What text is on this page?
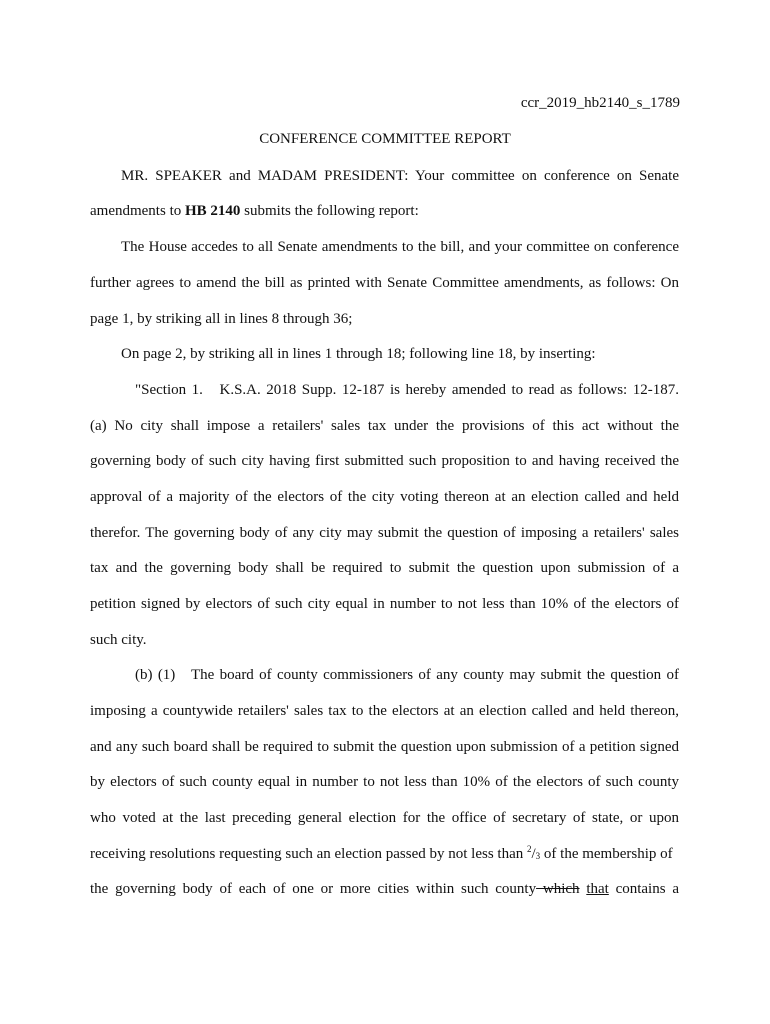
ccr_2019_hb2140_s_1789
CONFERENCE COMMITTEE REPORT
MR. SPEAKER and MADAM PRESIDENT: Your committee on conference on Senate
amendments to HB 2140 submits the following report:
The House accedes to all Senate amendments to the bill, and your committee on conference
further agrees to amend the bill as printed with Senate Committee amendments, as follows: On
page 1, by striking all in lines 8 through 36;
On page 2, by striking all in lines 1 through 18; following line 18, by inserting:
"Section 1.   K.S.A. 2018 Supp. 12-187 is hereby amended to read as follows: 12-187.
(a) No city shall impose a retailers' sales tax under the provisions of this act without the
governing body of such city having first submitted such proposition to and having received the
approval of a majority of the electors of the city voting thereon at an election called and held
therefor. The governing body of any city may submit the question of imposing a retailers' sales
tax and the governing body shall be required to submit the question upon submission of a
petition signed by electors of such city equal in number to not less than 10% of the electors of
such city.
(b) (1)   The board of county commissioners of any county may submit the question of
imposing a countywide retailers' sales tax to the electors at an election called and held thereon,
and any such board shall be required to submit the question upon submission of a petition signed
by electors of such county equal in number to not less than 10% of the electors of such county
who voted at the last preceding general election for the office of secretary of state, or upon
receiving resolutions requesting such an election passed by not less than $^2/_3$ of the membership of
the governing body of each of one or more cities within such county which that contains a
